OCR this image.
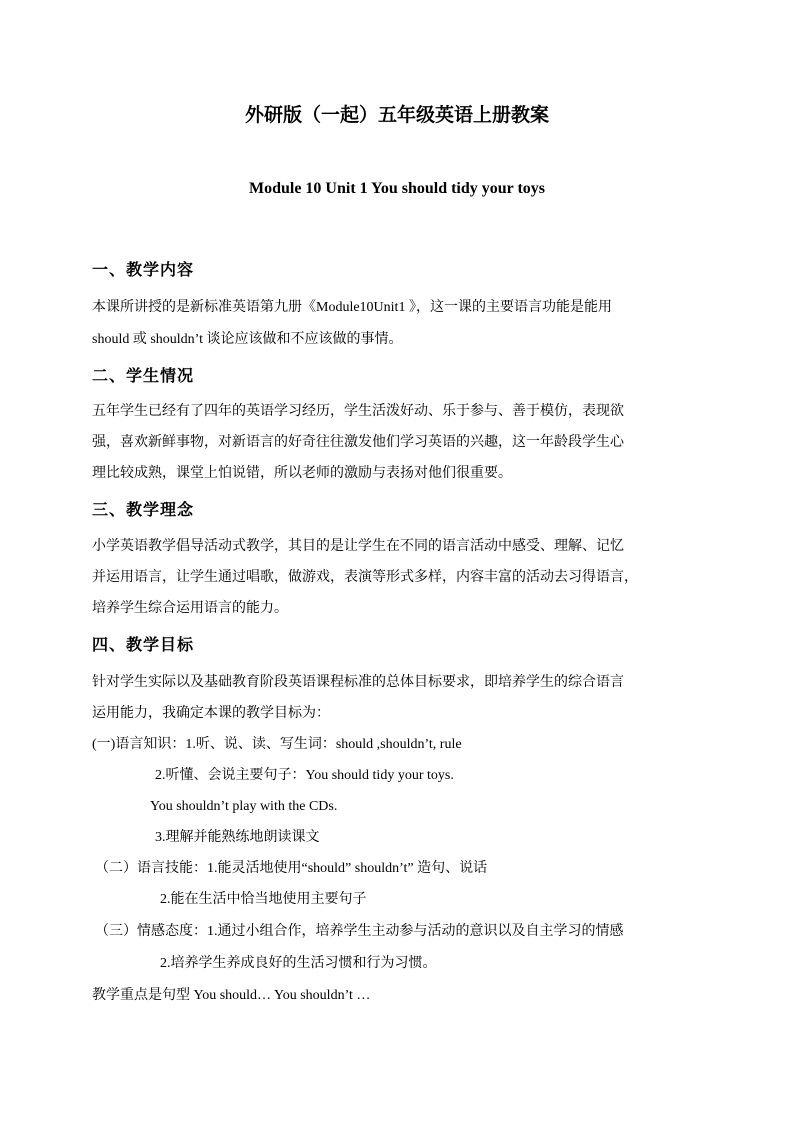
外研版（一起）五年级英语上册教案
Module 10 Unit 1 You should tidy your toys
一、教学内容
本课所讲授的是新标准英语第九册《Module10Unit1 》，这一课的主要语言功能是能用
should 或 shouldn’t 谈论应该做和不应该做的事情。
二、学生情况
五年学生已经有了四年的英语学习经历，学生活泼好动、乐于参与、善于模仿，表现欲
强，喜欢新鲜事物，对新语言的好奇往往激发他们学习英语的兴趣，这一年龄段学生心
理比较成熟，课堂上怕说错，所以老师的激励与表扬对他们很重要。
三、教学理念
小学英语教学倡导活动式教学，其目的是让学生在不同的语言活动中感受、理解、记忆
并运用语言，让学生通过唱歌，做游戏，表演等形式多样，内容丰富的活动去习得语言，
培养学生综合运用语言的能力。
四、教学目标
针对学生实际以及基础教育阶段英语课程标准的总体目标要求，即培养学生的综合语言
运用能力，我确定本课的教学目标为：
(一)语言知识：1.听、说、读、写生词：should ,shouldn’t, rule
2.听懂、会说主要句子：You should tidy your toys.
You shouldn’t play with the CDs.
3.理解并能熟练地朗读课文
（二）语言技能：1.能灵活地使用“should” shouldn’t” 造句、说话
2.能在生活中恰当地使用主要句子
（三）情感态度：1.通过小组合作，培养学生主动参与活动的意识以及自主学习的情感
2.培养学生养成良好的生活习惯和行为习惯。
教学重点是句型 You should… You shouldn’t …
